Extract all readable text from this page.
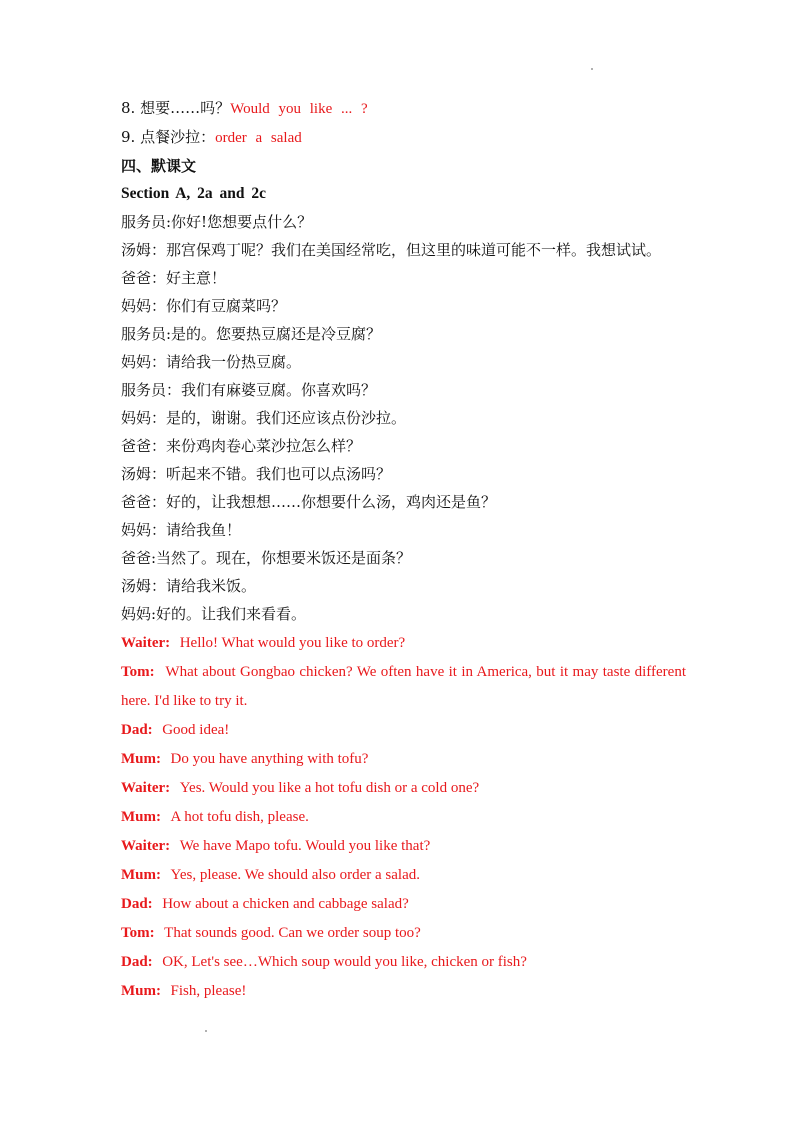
8. 想要……吗？Would you like ... ?
9. 点餐沙拉：order a salad
四、默课文
Section A, 2a and 2c
服务员:你好!您想要点什么？
汤姆：那宫保鸡丁呢？我们在美国经常吃，但这里的味道可能不一样。我想试试。
爸爸：好主意！
妈妈：你们有豆腐菜吗？
服务员:是的。您要热豆腐还是冷豆腐？
妈妈：请给我一份热豆腐。
服务员：我们有麻婆豆腐。你喜欢吗？
妈妈：是的，谢谢。我们还应该点份沙拉。
爸爸：来份鸡肉卷心菜沙拉怎么样？
汤姆：听起来不错。我们也可以点汤吗？
爸爸：好的，让我想想……你想要什么汤，鸡肉还是鱼？
妈妈：请给我鱼！
爸爸:当然了。现在，你想要米饭还是面条？
汤姆：请给我米饭。
妈妈:好的。让我们来看看。
Waiter: Hello! What would you like to order?
Tom: What about Gongbao chicken? We often have it in America, but it may taste different here. I'd like to try it.
Dad: Good idea!
Mum: Do you have anything with tofu?
Waiter: Yes. Would you like a hot tofu dish or a cold one?
Mum: A hot tofu dish, please.
Waiter: We have Mapo tofu. Would you like that?
Mum: Yes, please. We should also order a salad.
Dad: How about a chicken and cabbage salad?
Tom: That sounds good. Can we order soup too?
Dad: OK, Let's see…Which soup would you like, chicken or fish?
Mum: Fish, please!
